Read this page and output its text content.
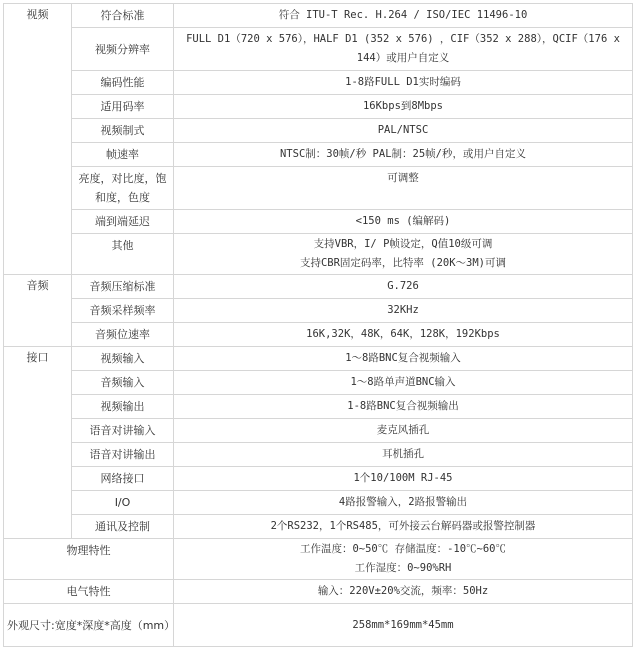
视频	符合标准	符合 ITU-T Rec. H.264 / ISO/IEC 11496-10
	视频分辨率	FULL D1（720 x 576），HALF D1 (352 x 576) ，CIF（352 x 288），QCIF（176 x 144）或用户自定义
	编码性能	1-8路FULL D1实时编码
	适用码率	16Kbps到8Mbps
	视频制式	PAL/NTSC
	帧速率	NTSC制：30帧/秒 PAL制：25帧/秒，或用户自定义
	亮度，对比度，饱和度，色度	可调整
	端到端延迟	<150 ms (编解码)
	其他	支持VBR，I/ P帧设定，Q值10级可调
支持CBR固定码率，比特率 (20K～3M)可调

音频	音频压缩标准	G.726
	音频采样频率	32KHz
	音频位速率	16K,32K，48K，64K，128K，192Kbps
接口	视频输入	1～8路BNC复合视频输入
	音频输入	1～8路单声道BNC输入
	视频输出	1-8路BNC复合视频输出
	语音对讲输入	麦克风插孔
	语音对讲输出	耳机插孔
	网络接口	1个10/100M RJ-45
	I/O	4路报警输入，2路报警输出
	通讯及控制	2个RS232，1个RS485，可外接云台解码器或报警控制器
物理特性		工作温度：0~50℃ 存储温度：-10℃~60℃
工作湿度：0~90%RH

电气特性		输入：220V±20%交流，频率：50Hz
外观尺寸:宽度*深度*高度（mm）		258mm*169mm*45mm
